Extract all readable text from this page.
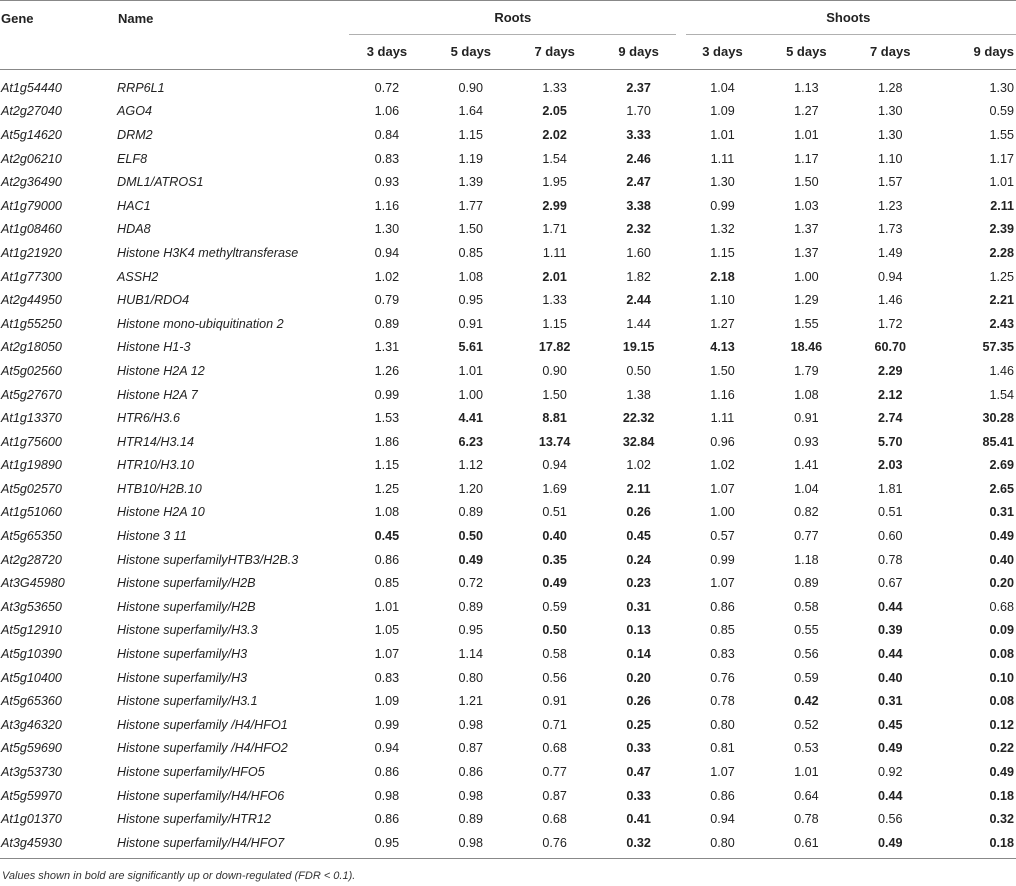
Gene	Name	Roots				Shoots			
		3 days	5 days	7 days	9 days	3 days	5 days	7 days	9 days
At1g54440	RRP6L1	0.72	0.90	1.33	2.37	1.04	1.13	1.28	1.30
At2g27040	AGO4	1.06	1.64	2.05	1.70	1.09	1.27	1.30	0.59
At5g14620	DRM2	0.84	1.15	2.02	3.33	1.01	1.01	1.30	1.55
At2g06210	ELF8	0.83	1.19	1.54	2.46	1.11	1.17	1.10	1.17
At2g36490	DML1/ATROS1	0.93	1.39	1.95	2.47	1.30	1.50	1.57	1.01
At1g79000	HAC1	1.16	1.77	2.99	3.38	0.99	1.03	1.23	2.11
At1g08460	HDA8	1.30	1.50	1.71	2.32	1.32	1.37	1.73	2.39
At1g21920	Histone H3K4 methyltransferase	0.94	0.85	1.11	1.60	1.15	1.37	1.49	2.28
At1g77300	ASSH2	1.02	1.08	2.01	1.82	2.18	1.00	0.94	1.25
At2g44950	HUB1/RDO4	0.79	0.95	1.33	2.44	1.10	1.29	1.46	2.21
At1g55250	Histone mono-ubiquitination 2	0.89	0.91	1.15	1.44	1.27	1.55	1.72	2.43
At2g18050	Histone H1-3	1.31	5.61	17.82	19.15	4.13	18.46	60.70	57.35
At5g02560	Histone H2A 12	1.26	1.01	0.90	0.50	1.50	1.79	2.29	1.46
At5g27670	Histone H2A 7	0.99	1.00	1.50	1.38	1.16	1.08	2.12	1.54
At1g13370	HTR6/H3.6	1.53	4.41	8.81	22.32	1.11	0.91	2.74	30.28
At1g75600	HTR14/H3.14	1.86	6.23	13.74	32.84	0.96	0.93	5.70	85.41
At1g19890	HTR10/H3.10	1.15	1.12	0.94	1.02	1.02	1.41	2.03	2.69
At5g02570	HTB10/H2B.10	1.25	1.20	1.69	2.11	1.07	1.04	1.81	2.65
At1g51060	Histone H2A 10	1.08	0.89	0.51	0.26	1.00	0.82	0.51	0.31
At5g65350	Histone 3 11	0.45	0.50	0.40	0.45	0.57	0.77	0.60	0.49
At2g28720	Histone superfamilyHTB3/H2B.3	0.86	0.49	0.35	0.24	0.99	1.18	0.78	0.40
At3G45980	Histone superfamily/H2B	0.85	0.72	0.49	0.23	1.07	0.89	0.67	0.20
At3g53650	Histone superfamily/H2B	1.01	0.89	0.59	0.31	0.86	0.58	0.44	0.68
At5g12910	Histone superfamily/H3.3	1.05	0.95	0.50	0.13	0.85	0.55	0.39	0.09
At5g10390	Histone superfamily/H3	1.07	1.14	0.58	0.14	0.83	0.56	0.44	0.08
At5g10400	Histone superfamily/H3	0.83	0.80	0.56	0.20	0.76	0.59	0.40	0.10
At5g65360	Histone superfamily/H3.1	1.09	1.21	0.91	0.26	0.78	0.42	0.31	0.08
At3g46320	Histone superfamily /H4/HFO1	0.99	0.98	0.71	0.25	0.80	0.52	0.45	0.12
At5g59690	Histone superfamily /H4/HFO2	0.94	0.87	0.68	0.33	0.81	0.53	0.49	0.22
At3g53730	Histone superfamily/HFO5	0.86	0.86	0.77	0.47	1.07	1.01	0.92	0.49
At5g59970	Histone superfamily/H4/HFO6	0.98	0.98	0.87	0.33	0.86	0.64	0.44	0.18
At1g01370	Histone superfamily/HTR12	0.86	0.89	0.68	0.41	0.94	0.78	0.56	0.32
At3g45930	Histone superfamily/H4/HFO7	0.95	0.98	0.76	0.32	0.80	0.61	0.49	0.18
Values shown in bold are significantly up or down-regulated (FDR < 0.1).
